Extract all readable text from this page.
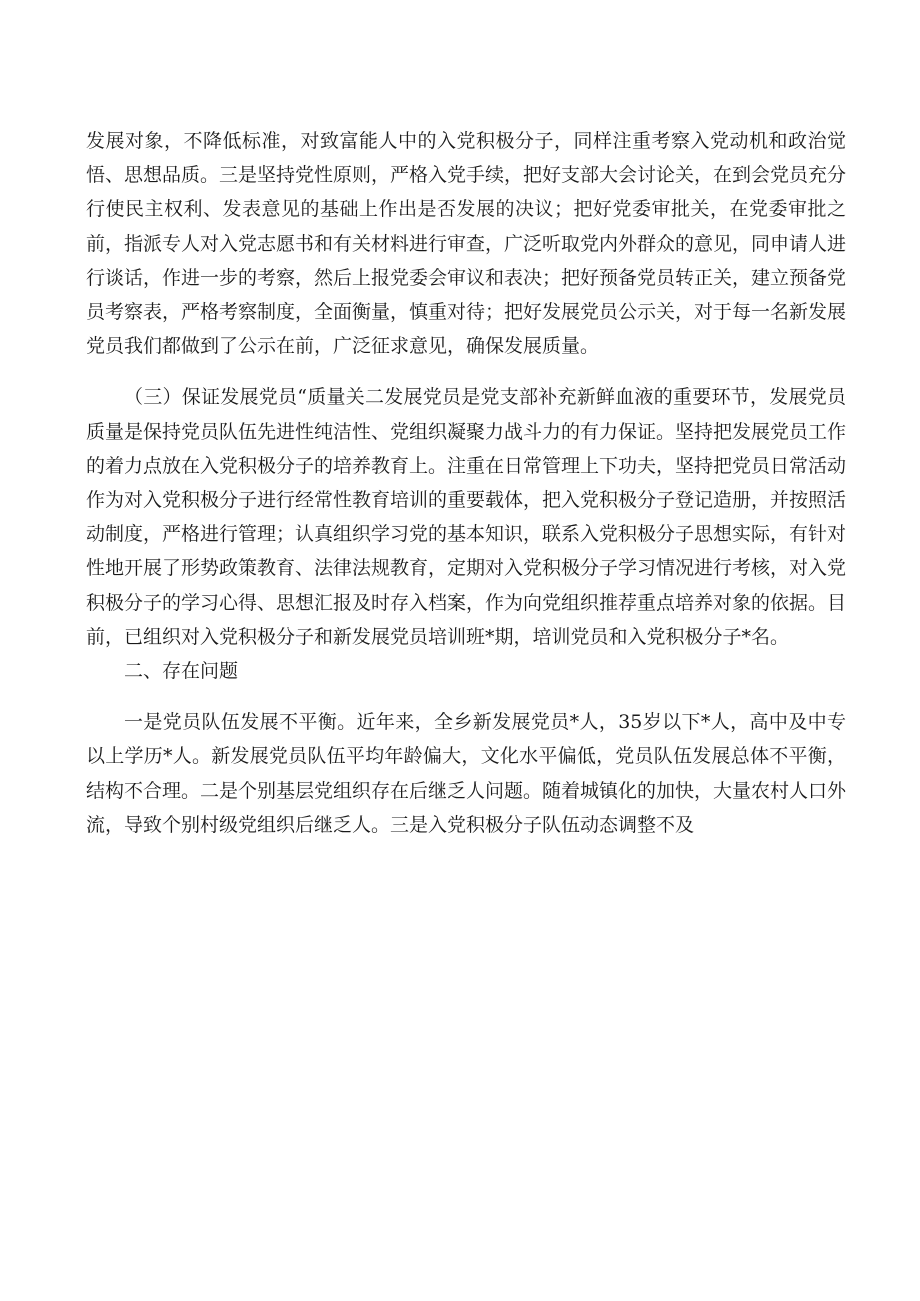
发展对象，不降低标准，对致富能人中的入党积极分子，同样注重考察入党动机和政治觉悟、思想品质。三是坚持党性原则，严格入党手续，把好支部大会讨论关，在到会党员充分行使民主权利、发表意见的基础上作出是否发展的决议；把好党委审批关，在党委审批之前，指派专人对入党志愿书和有关材料进行审查，广泛听取党内外群众的意见，同申请人进行谈话，作进一步的考察，然后上报党委会审议和表决；把好预备党员转正关，建立预备党员考察表，严格考察制度，全面衡量，慎重对待；把好发展党员公示关，对于每一名新发展党员我们都做到了公示在前，广泛征求意见，确保发展质量。

（三）保证发展党员“质量关二发展党员是党支部补充新鲜血液的重要环节，发展党员质量是保持党员队伍先进性纯洁性、党组织凝聚力战斗力的有力保证。坚持把发展党员工作的着力点放在入党积极分子的培养教育上。注重在日常管理上下功夫，坚持把党员日常活动作为对入党积极分子进行经常性教育培训的重要载体，把入党积极分子登记造册，并按照活动制度，严格进行管理；认真组织学习党的基本知识，联系入党积极分子思想实际，有针对性地开展了形势政策教育、法律法规教育，定期对入党积极分子学习情况进行考核，对入党积极分子的学习心得、思想汇报及时存入档案，作为向党组织推荐重点培养对象的依据。目前，已组织对入党积极分子和新发展党员培训班*期，培训党员和入党积极分子*名。

二、存在问题

一是党员队伍发展不平衡。近年来，全乡新发展党员*人，35岁以下*人，高中及中专以上学历*人。新发展党员队伍平均年龄偏大，文化水平偏低，党员队伍发展总体不平衡，结构不合理。二是个别基层党组织存在后继乏人问题。随着城镇化的加快，大量农村人口外流，导致个别村级党组织后继乏人。三是入党积极分子队伍动态调整不及
